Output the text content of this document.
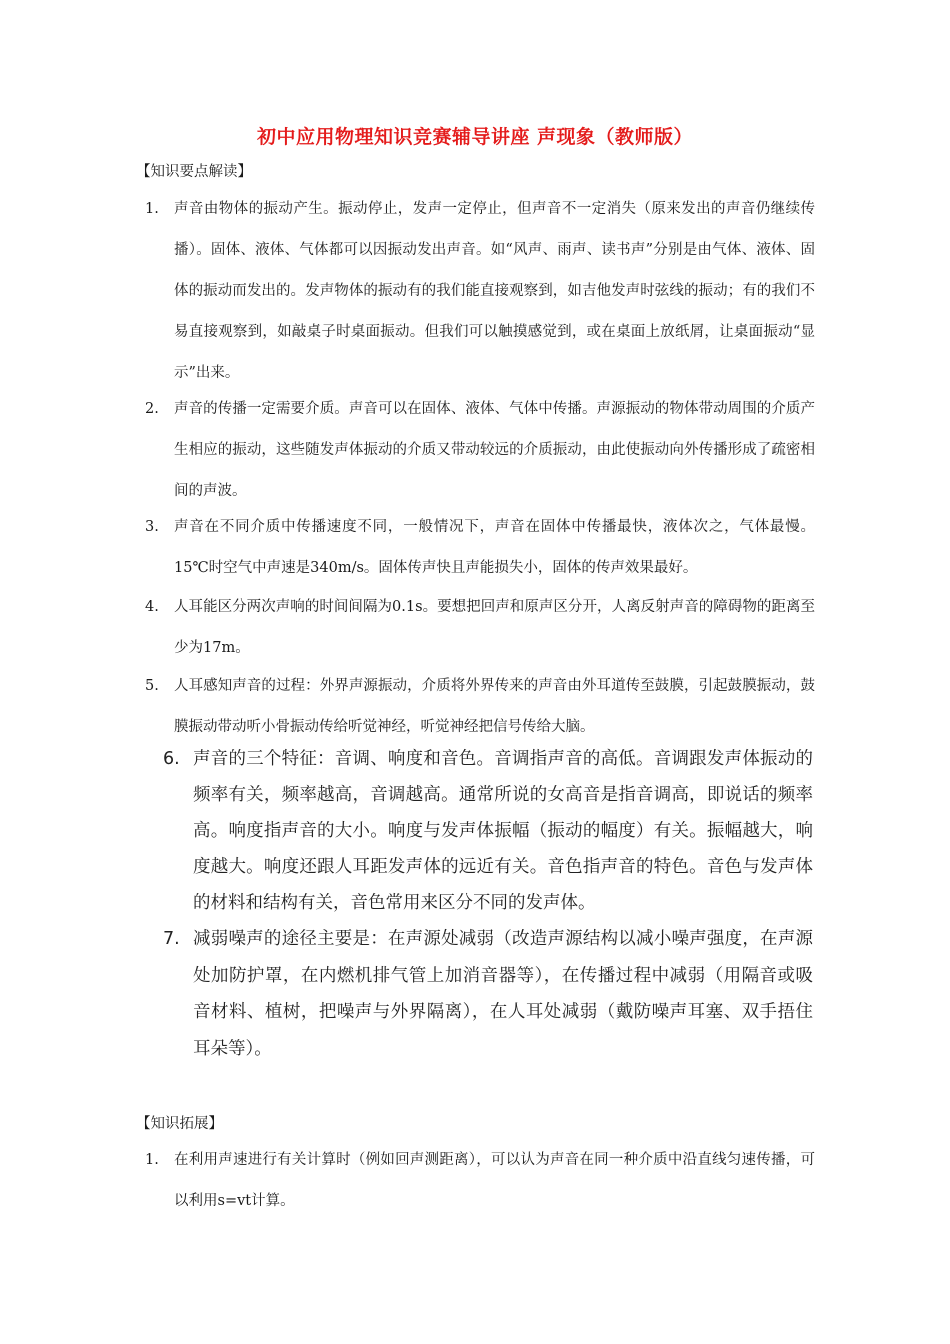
初中应用物理知识竞赛辅导讲座 声现象（教师版）
【知识要点解读】
1.	声音由物体的振动产生。振动停止，发声一定停止，但声音不一定消失（原来发出的声音仍继续传播）。固体、液体、气体都可以因振动发出声音。如“风声、雨声、读书声”分别是由气体、液体、固体的振动而发出的。发声物体的振动有的我们能直接观察到，如吉他发声时弦线的振动；有的我们不易直接观察到，如敲桌子时桌面振动。但我们可以触摸感觉到，或在桌面上放纸屑，让桌面振动“显示”出来。
2.	声音的传播一定需要介质。声音可以在固体、液体、气体中传播。声源振动的物体带动周围的介质产生相应的振动，这些随发声体振动的介质又带动较远的介质振动，由此使振动向外传播形成了疏密相间的声波。
3.	声音在不同介质中传播速度不同，一般情况下，声音在固体中传播最快，液体次之，气体最慢。15℃时空气中声速是340m/s。固体传声快且声能损失小，固体的传声效果最好。
4.	人耳能区分两次声响的时间间隔为0.1s。要想把回声和原声区分开，人离反射声音的障碍物的距离至少为17m。
5.	人耳感知声音的过程：外界声源振动，介质将外界传来的声音由外耳道传至鼓膜，引起鼓膜振动，鼓膜振动带动听小骨振动传给听觉神经，听觉神经把信号传给大脑。
6. 声音的三个特征：音调、响度和音色。音调指声音的高低。音调跟发声体振动的频率有关，频率越高，音调越高。通常所说的女高音是指音调高，即说话的频率高。响度指声音的大小。响度与发声体振幅（振动的幅度）有关。振幅越大，响度越大。响度还跟人耳距发声体的远近有关。音色指声音的特色。音色与发声体的材料和结构有关，音色常用来区分不同的发声体。
7. 减弱噪声的途径主要是：在声源处减弱（改造声源结构以减小噪声强度，在声源处加防护罩，在内燃机排气管上加消音器等），在传播过程中减弱（用隔音或吸音材料、植树，把噪声与外界隔离），在人耳处减弱（戴防噪声耳塞、双手捂住耳朵等）。
【知识拓展】
1.	在利用声速进行有关计算时（例如回声测距离），可以认为声音在同一种介质中沿直线匀速传播，可以利用s=vt计算。
